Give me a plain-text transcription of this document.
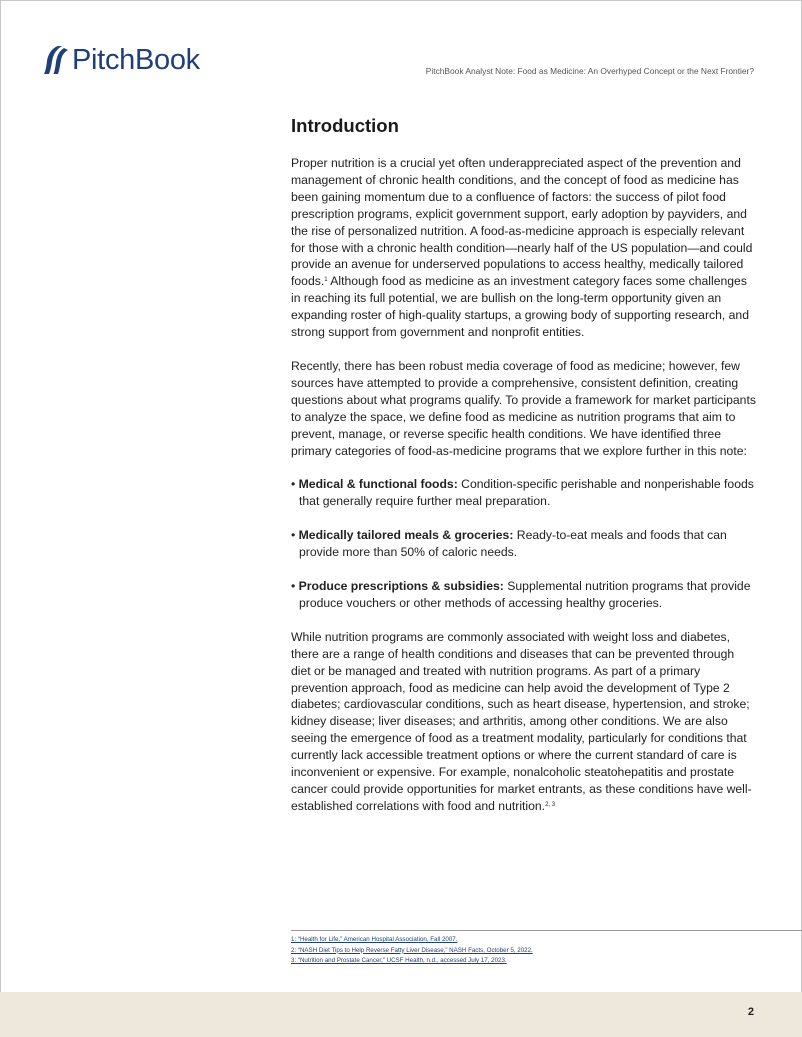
PitchBook	PitchBook Analyst Note: Food as Medicine: An Overhyped Concept or the Next Frontier?
Introduction

Proper nutrition is a crucial yet often underappreciated aspect of the prevention and management of chronic health conditions, and the concept of food as medicine has been gaining momentum due to a confluence of factors: the success of pilot food prescription programs, explicit government support, early adoption by payviders, and the rise of personalized nutrition. A food-as-medicine approach is especially relevant for those with a chronic health condition—nearly half of the US population—and could provide an avenue for underserved populations to access healthy, medically tailored foods.$^1$ Although food as medicine as an investment category faces some challenges in reaching its full potential, we are bullish on the long-term opportunity given an expanding roster of high-quality startups, a growing body of supporting research, and strong support from government and nonprofit entities.

Recently, there has been robust media coverage of food as medicine; however, few sources have attempted to provide a comprehensive, consistent definition, creating questions about what programs qualify. To provide a framework for market participants to analyze the space, we define food as medicine as nutrition programs that aim to prevent, manage, or reverse specific health conditions. We have identified three primary categories of food-as-medicine programs that we explore further in this note:

• Medical & functional foods: Condition-specific perishable and nonperishable foods that generally require further meal preparation.
• Medically tailored meals & groceries: Ready-to-eat meals and foods that can provide more than 50% of caloric needs.
• Produce prescriptions & subsidies: Supplemental nutrition programs that provide produce vouchers or other methods of accessing healthy groceries.

While nutrition programs are commonly associated with weight loss and diabetes, there are a range of health conditions and diseases that can be prevented through diet or be managed and treated with nutrition programs. As part of a primary prevention approach, food as medicine can help avoid the development of Type 2 diabetes; cardiovascular conditions, such as heart disease, hypertension, and stroke; kidney disease; liver diseases; and arthritis, among other conditions. We are also seeing the emergence of food as a treatment modality, particularly for conditions that currently lack accessible treatment options or where the current standard of care is inconvenient or expensive. For example, nonalcoholic steatohepatitis and prostate cancer could provide opportunities for market entrants, as these conditions have well-established correlations with food and nutrition.$^{2, 3}$

1: “Health for Life,” American Hospital Association, Fall 2007.
2: “NASH Diet Tips to Help Reverse Fatty Liver Disease,” NASH Facts, October 5, 2022.
3: “Nutrition and Prostate Cancer,” UCSF Health, n.d., accessed July 17, 2023.
2
